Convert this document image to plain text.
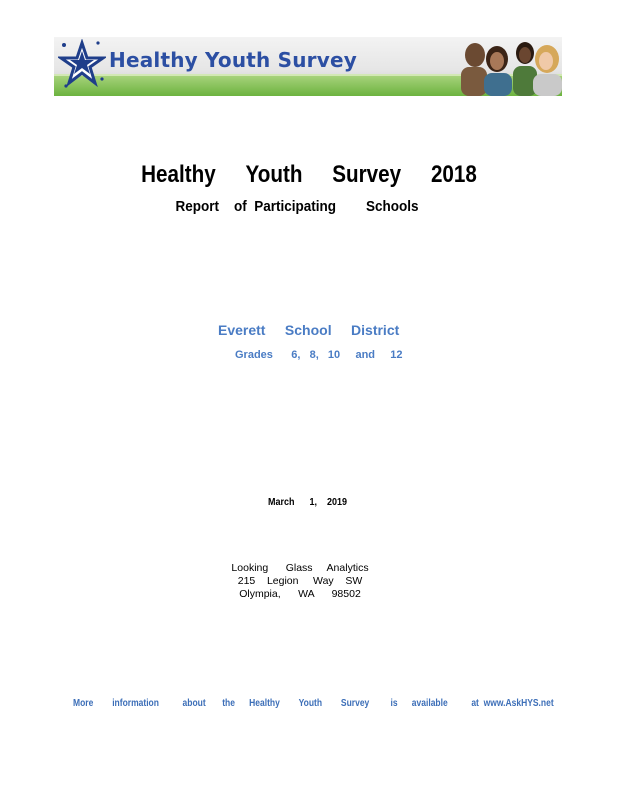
Healthy Youth Survey
Healthy Youth Survey 2018
Report    of  Participating        Schools
Everett     School     District
Grades      6,   8,   10     and     12
March      1,    2019
Looking      Glass     Analytics
215    Legion     Way    SW
Olympia,      WA      98502
More        information          about       the      Healthy        Youth        Survey         is      available          at  www.AskHYS.net
